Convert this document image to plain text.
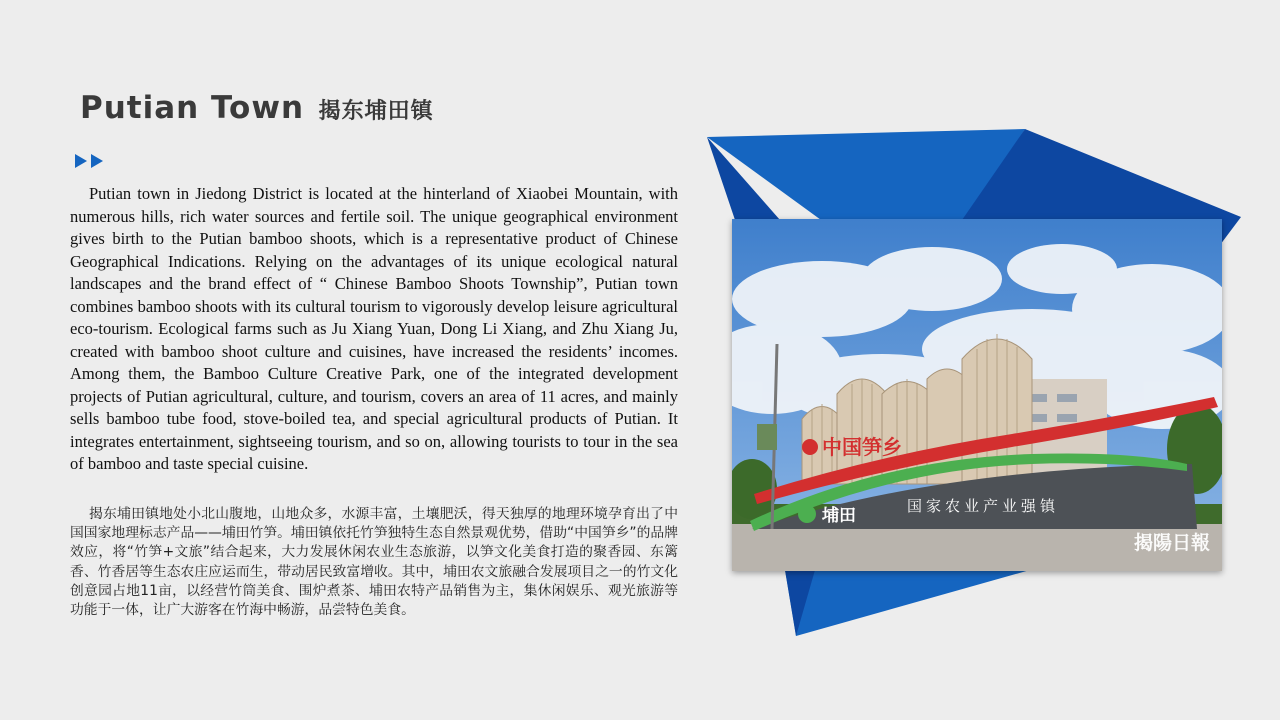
Putian Town 揭东埔田镇

Putian town in Jiedong District is located at the hinterland of Xiaobei Mountain, with numerous hills, rich water sources and fertile soil. The unique geographical environment gives birth to the Putian bamboo shoots, which is a representative product of Chinese Geographical Indications. Relying on the advantages of its unique ecological natural landscapes and the brand effect of “ Chinese Bamboo Shoots Township”, Putian town combines bamboo shoots with its cultural tourism to vigorously develop leisure agricultural eco-tourism. Ecological farms such as Ju Xiang Yuan, Dong Li Xiang, and Zhu Xiang Ju, created with bamboo shoot culture and cuisines, have increased the residents’ incomes. Among them, the Bamboo Culture Creative Park, one of the integrated development projects of Putian agricultural, culture, and tourism, covers an area of 11 acres, and mainly sells bamboo tube food, stove-boiled tea, and special agricultural products of Putian. It integrates entertainment, sightseeing tourism, and so on, allowing tourists to tour in the sea of bamboo and taste special cuisine.

揭东埔田镇地处小北山腹地，山地众多，水源丰富，土壤肥沃，得天独厚的地理环境孕育出了中国国家地理标志产品——埔田竹笋。埔田镇依托竹笋独特生态自然景观优势，借助“中国笋乡”的品牌效应，将“竹笋+文旅”结合起来，大力发展休闲农业生态旅游，以笋文化美食打造的聚香园、东篱香、竹香居等生态农庄应运而生，带动居民致富增收。其中，埔田农文旅融合发展项目之一的竹文化创意园占地11亩，以经营竹筒美食、围炉煮茶、埔田农特产品销售为主，集休闲娱乐、观光旅游等功能于一体，让广大游客在竹海中畅游，品尝特色美食。

中国笋乡
埔田	国家农业产业强镇
揭陽日報
